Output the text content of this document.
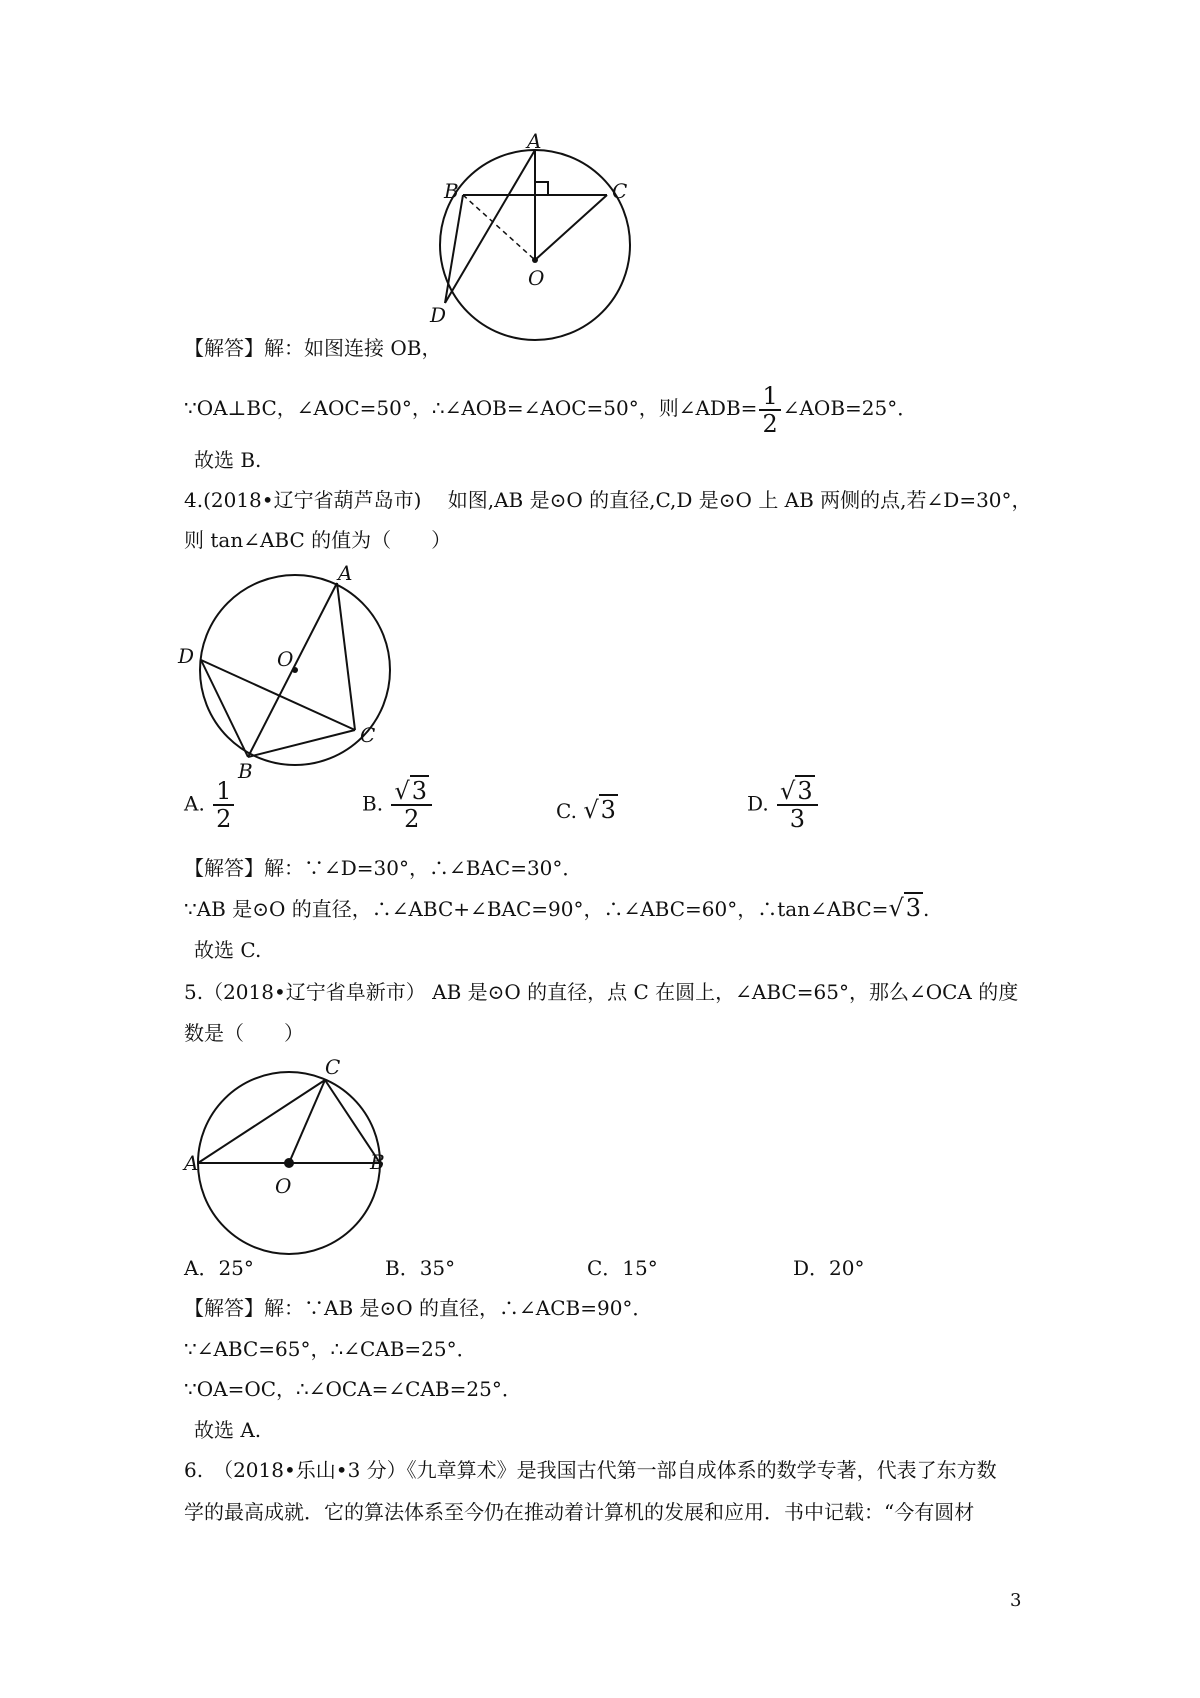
A
B	C
O
D
【解答】解：如图连接 OB，
∵OA⊥BC，∠AOC=50°，∴∠AOB=∠AOC=50°，则∠ADB= $\frac{1}{2}$ ∠AOB=25°．
故选 B.
4.(2018•辽宁省葫芦岛市)　 如图,AB 是⊙O 的直径,C,D 是⊙O 上 AB 两侧的点,若∠D=30°，
则 tan∠ABC 的值为（　　）
A
D	O
C
B
A. $\frac{1}{2}$	B. $\frac{√3}{2}$	C. √3	D. $\frac{√3}{3}$
【解答】解：∵∠D=30°，∴∠BAC=30°．
∵AB 是⊙O 的直径，∴∠ABC+∠BAC=90°，∴∠ABC=60°，∴tan∠ABC=√3 .
故选 C.
5.（2018•辽宁省阜新市） AB 是⊙O 的直径，点 C 在圆上，∠ABC=65°，那么∠OCA 的度
数是（　　）
C
A	B
O
A．25°	B．35°	C．15°	D．20°
【解答】解：∵AB 是⊙O 的直径，∴∠ACB=90°．
∵∠ABC=65°，∴∠CAB=25°．
∵OA=OC，∴∠OCA=∠CAB=25°．
故选 A.
6.　（2018•乐山•3 分）《九章算术》是我国古代第一部自成体系的数学专著，代表了东方数
学的最高成就．它的算法体系至今仍在推动着计算机的发展和应用．书中记载：“今有圆材
3
